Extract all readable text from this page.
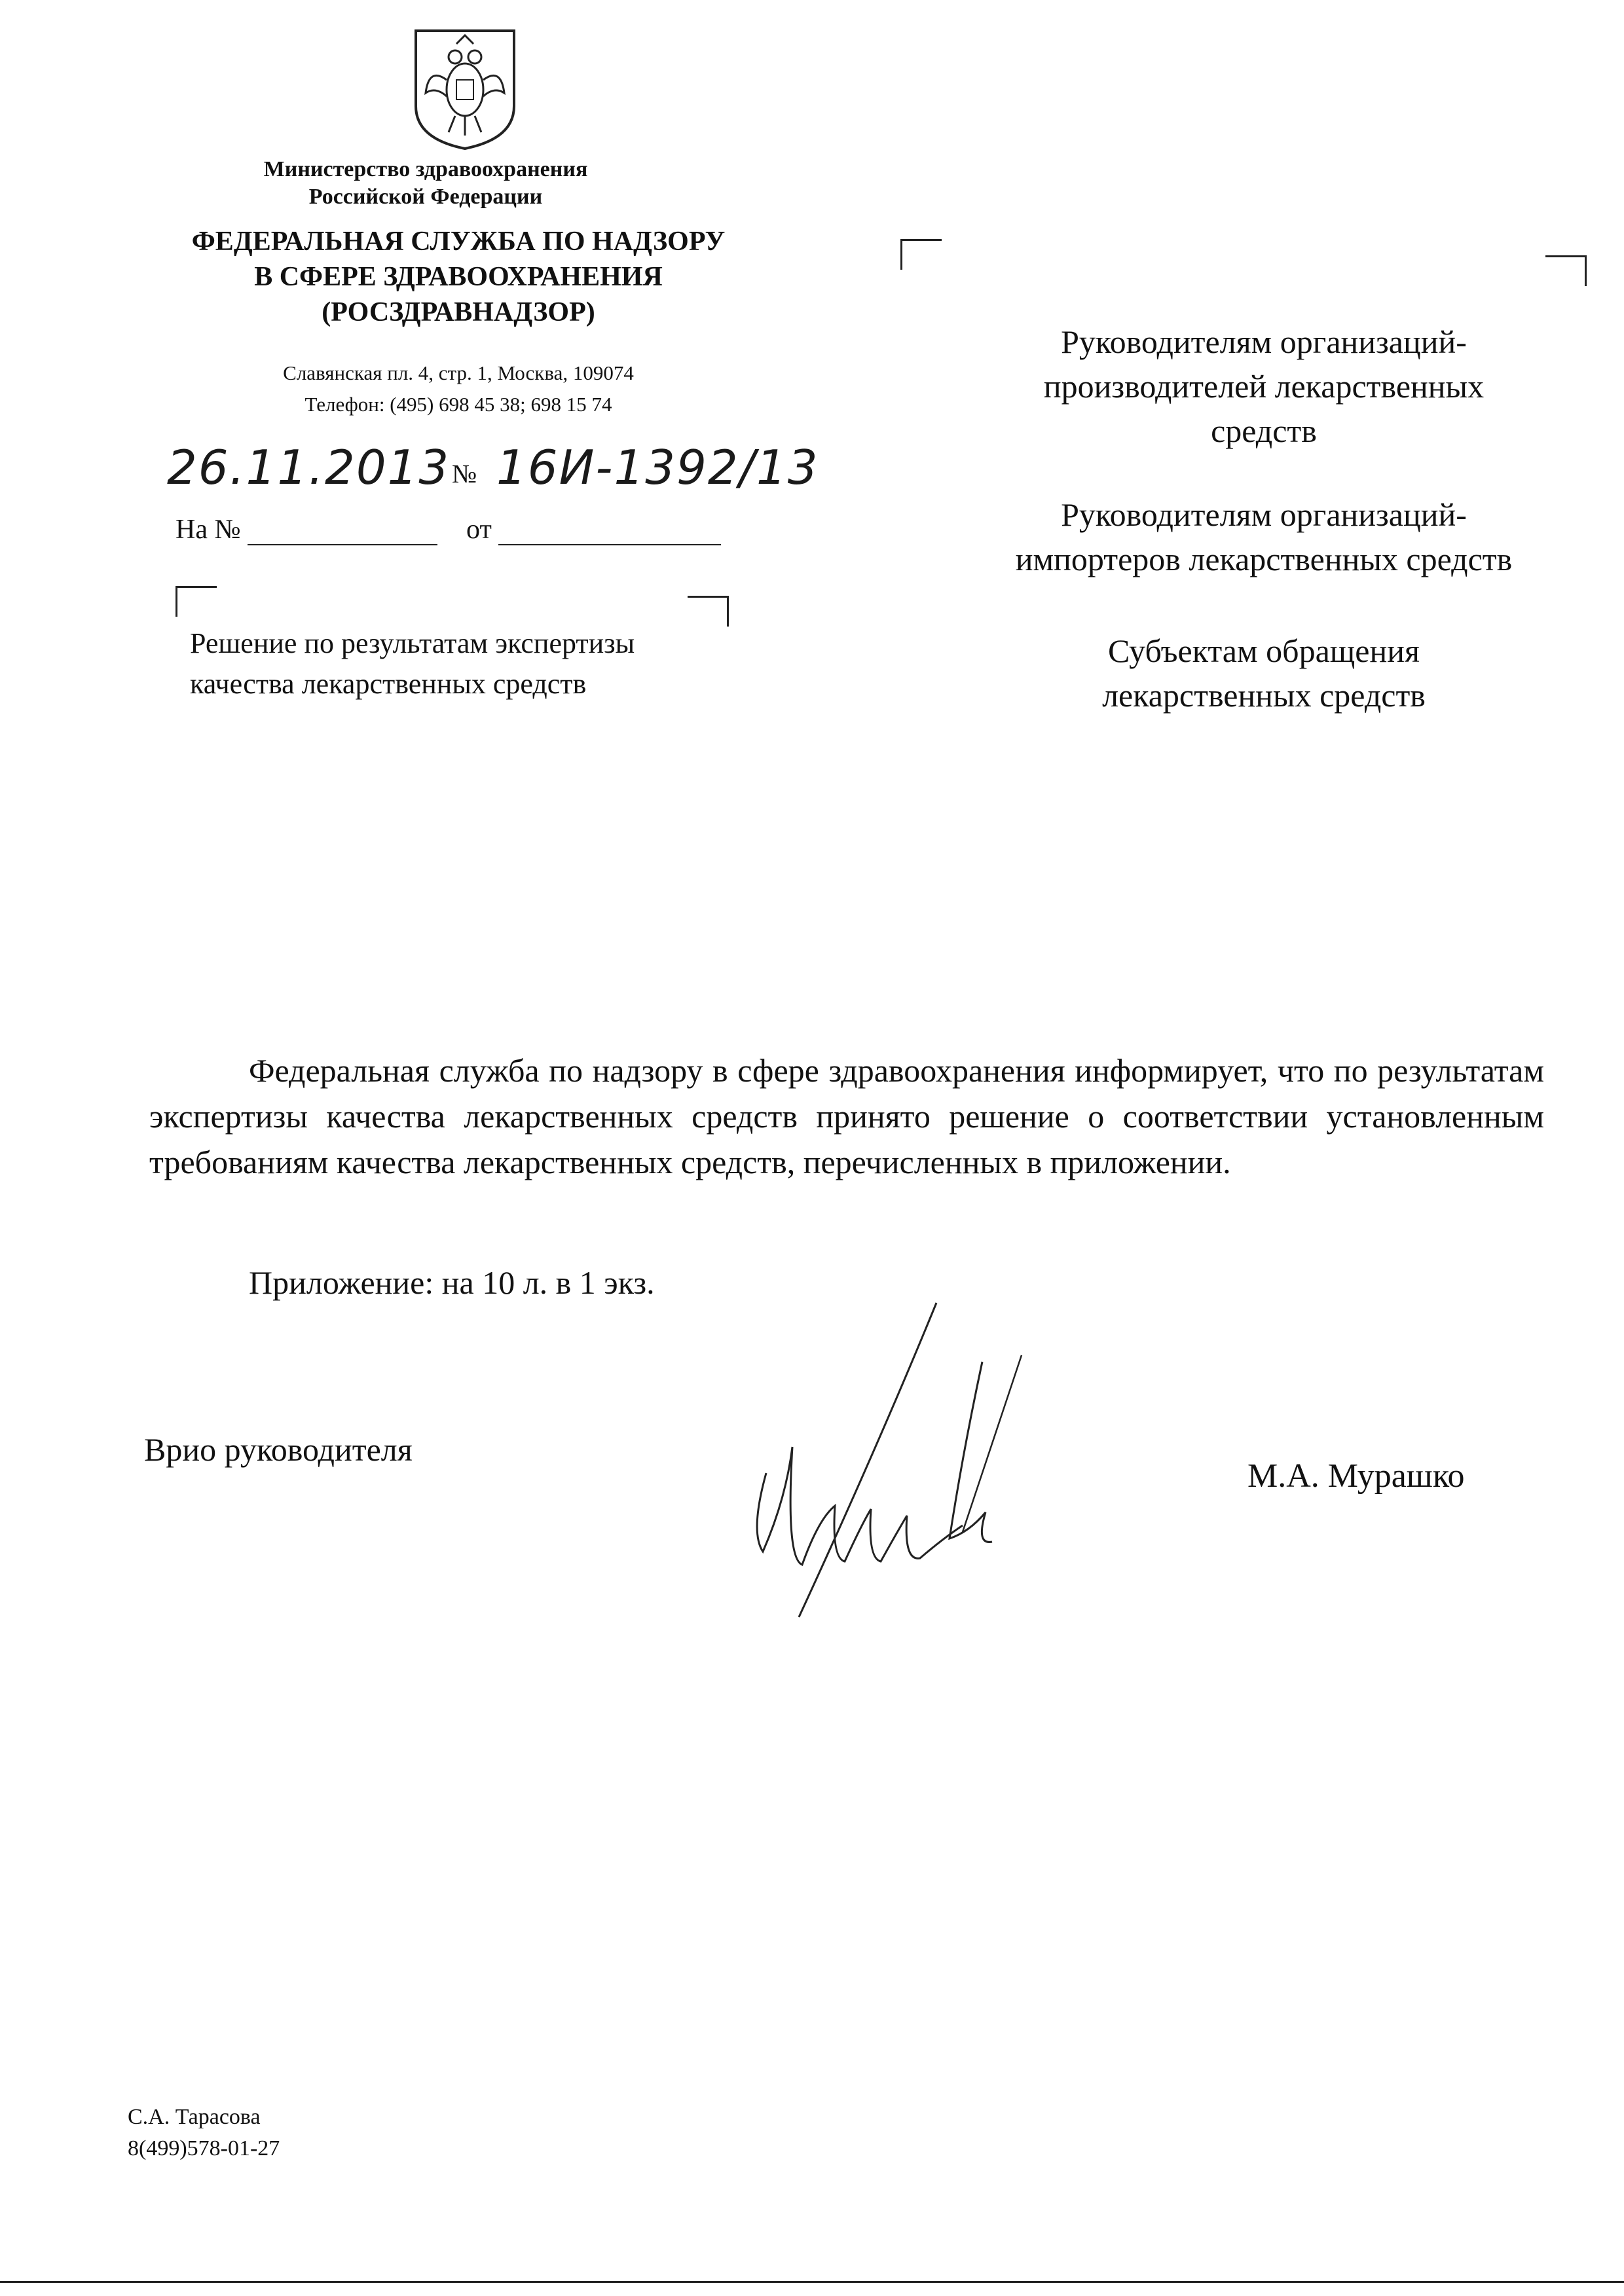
Министерство здравоохранения
Российской Федерации
ФЕДЕРАЛЬНАЯ СЛУЖБА ПО НАДЗОРУ
В СФЕРЕ ЗДРАВООХРАНЕНИЯ
(РОСЗДРАВНАДЗОР)
Славянская пл. 4, стр. 1, Москва, 109074
Телефон: (495) 698 45 38; 698 15 74
26.11.2013 № 16И-1392/13
На №	от
Решение по результатам экспертизы
качества лекарственных средств
Руководителям организаций-
производителей лекарственных
средств
Руководителям организаций-
импортеров лекарственных средств
Субъектам обращения
лекарственных средств

Федеральная служба по надзору в сфере здравоохранения информирует, что по результатам экспертизы качества лекарственных средств принято решение о соответствии установленным требованиям качества лекарственных средств, перечисленных в приложении.

Приложение: на 10 л. в 1 экз.
Врио руководителя
М.А. Мурашко
С.А. Тарасова
8(499)578-01-27
